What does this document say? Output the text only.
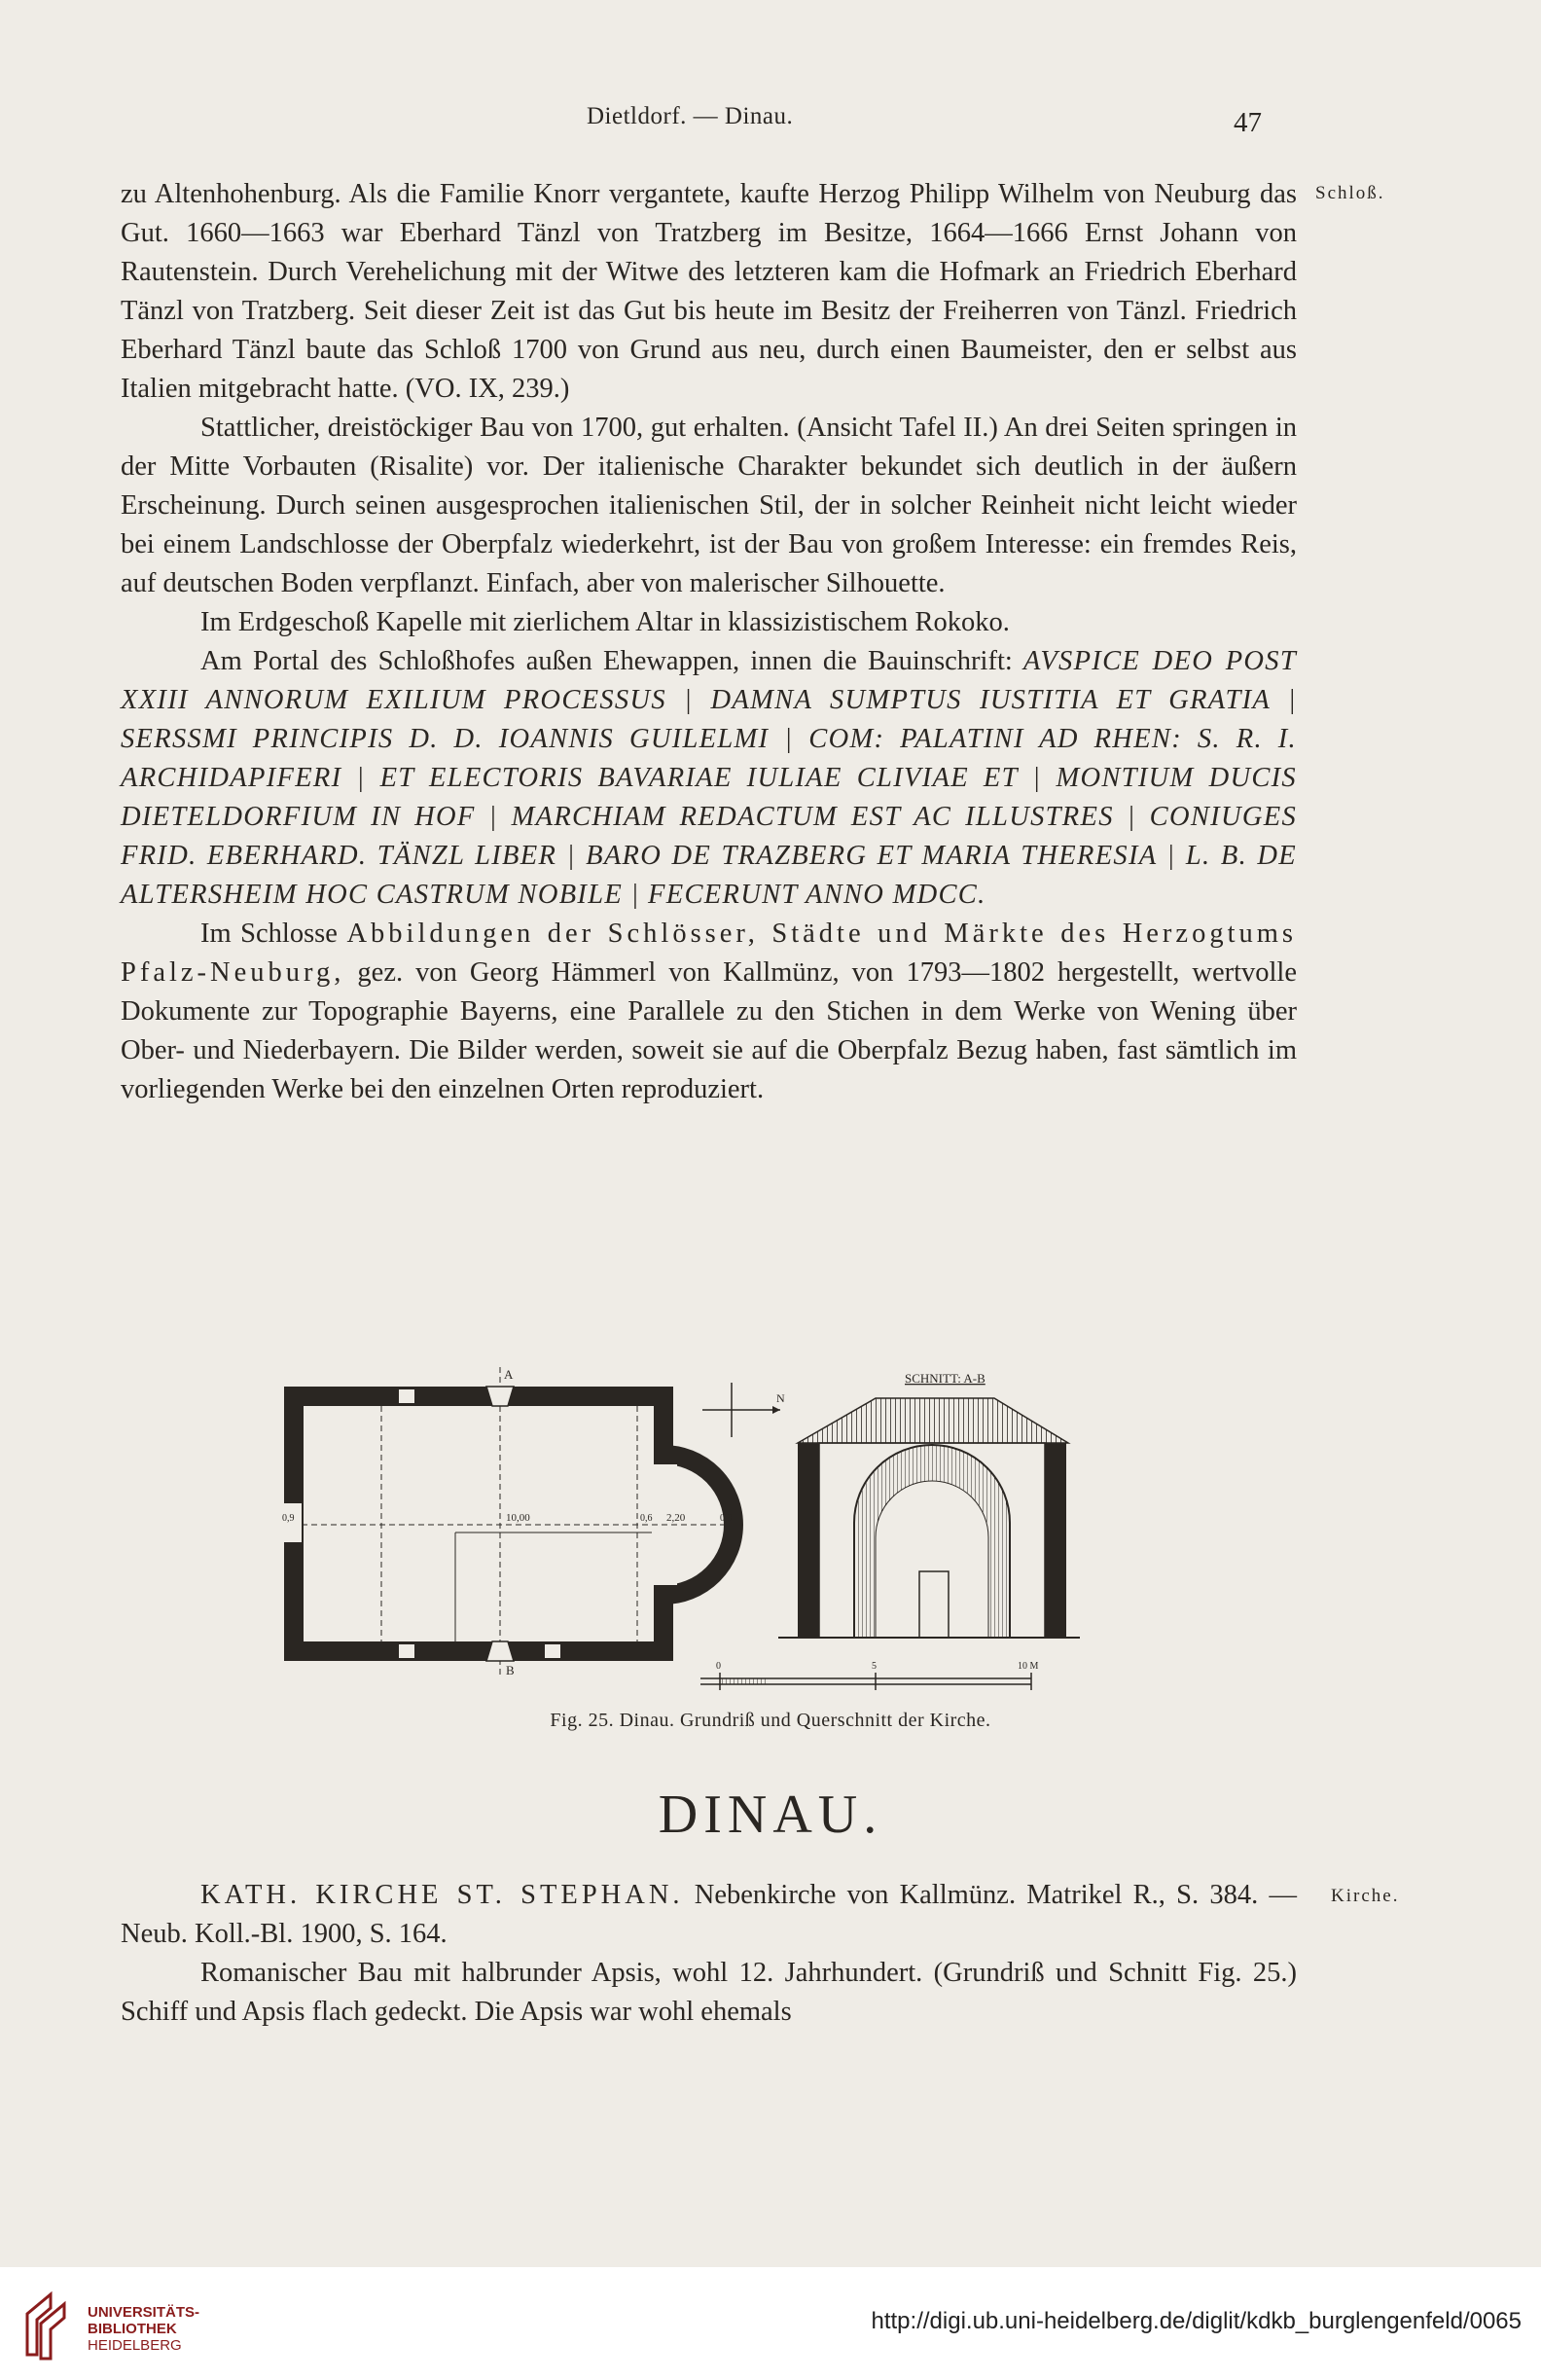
Dietldorf. — Dinau.	47
Schloß.

zu Altenhohenburg. Als die Familie Knorr vergantete, kaufte Herzog Philipp Wilhelm von Neuburg das Gut. 1660—1663 war Eberhard Tänzl von Tratzberg im Besitze, 1664—1666 Ernst Johann von Rautenstein. Durch Verehelichung mit der Witwe des letzteren kam die Hofmark an Friedrich Eberhard Tänzl von Tratzberg. Seit dieser Zeit ist das Gut bis heute im Besitz der Freiherren von Tänzl. Friedrich Eberhard Tänzl baute das Schloß 1700 von Grund aus neu, durch einen Baumeister, den er selbst aus Italien mitgebracht hatte. (VO. IX, 239.)

Stattlicher, dreistöckiger Bau von 1700, gut erhalten. (Ansicht Tafel II.) An drei Seiten springen in der Mitte Vorbauten (Risalite) vor. Der italienische Charakter bekundet sich deutlich in der äußern Erscheinung. Durch seinen ausgesprochen italienischen Stil, der in solcher Reinheit nicht leicht wieder bei einem Landschlosse der Oberpfalz wiederkehrt, ist der Bau von großem Interesse: ein fremdes Reis, auf deutschen Boden verpflanzt. Einfach, aber von malerischer Silhouette.

Im Erdgeschoß Kapelle mit zierlichem Altar in klassizistischem Rokoko.

Am Portal des Schloßhofes außen Ehewappen, innen die Bauinschrift: AVSPICE DEO POST XXIII ANNORUM EXILIUM PROCESSUS | DAMNA SUMPTUS IUSTITIA ET GRATIA | SERSSMI PRINCIPIS D. D. IOANNIS GUILELMI | COM: PALATINI AD RHEN: S. R. I. ARCHIDAPIFERI | ET ELECTORIS BAVARIAE IULIAE CLIVIAE ET | MONTIUM DUCIS DIETELDORFIUM IN HOF | MARCHIAM REDACTUM EST AC ILLUSTRES | CONIUGES FRID. EBERHARD. TÄNZL LIBER | BARO DE TRAZBERG ET MARIA THERESIA | L. B. DE ALTERSHEIM HOC CASTRUM NOBILE | FECERUNT ANNO MDCC.

Im Schlosse Abbildungen der Schlösser, Städte und Märkte des Herzogtums Pfalz-Neuburg, gez. von Georg Hämmerl von Kallmünz, von 1793—1802 hergestellt, wertvolle Dokumente zur Topographie Bayerns, eine Parallele zu den Stichen in dem Werke von Wening über Ober- und Niederbayern. Die Bilder werden, soweit sie auf die Oberpfalz Bezug haben, fast sämtlich im vorliegenden Werke bei den einzelnen Orten reproduziert.

A
B
10,00	2,20
0,9	0,6	0,9
N
SCHNITT: A-B
0	5	10 M
Fig. 25. Dinau. Grundriß und Querschnitt der Kirche.
DINAU.
Kirche.

KATH. KIRCHE ST. STEPHAN. Nebenkirche von Kallmünz. Matrikel R., S. 384. — Neub. Koll.-Bl. 1900, S. 164.

Romanischer Bau mit halbrunder Apsis, wohl 12. Jahrhundert. (Grundriß und Schnitt Fig. 25.) Schiff und Apsis flach gedeckt. Die Apsis war wohl ehemals

UNIVERSITÄTS-
BIBLIOTHEK
HEIDELBERG
http://digi.ub.uni-heidelberg.de/diglit/kdkb_burglengenfeld/0065
